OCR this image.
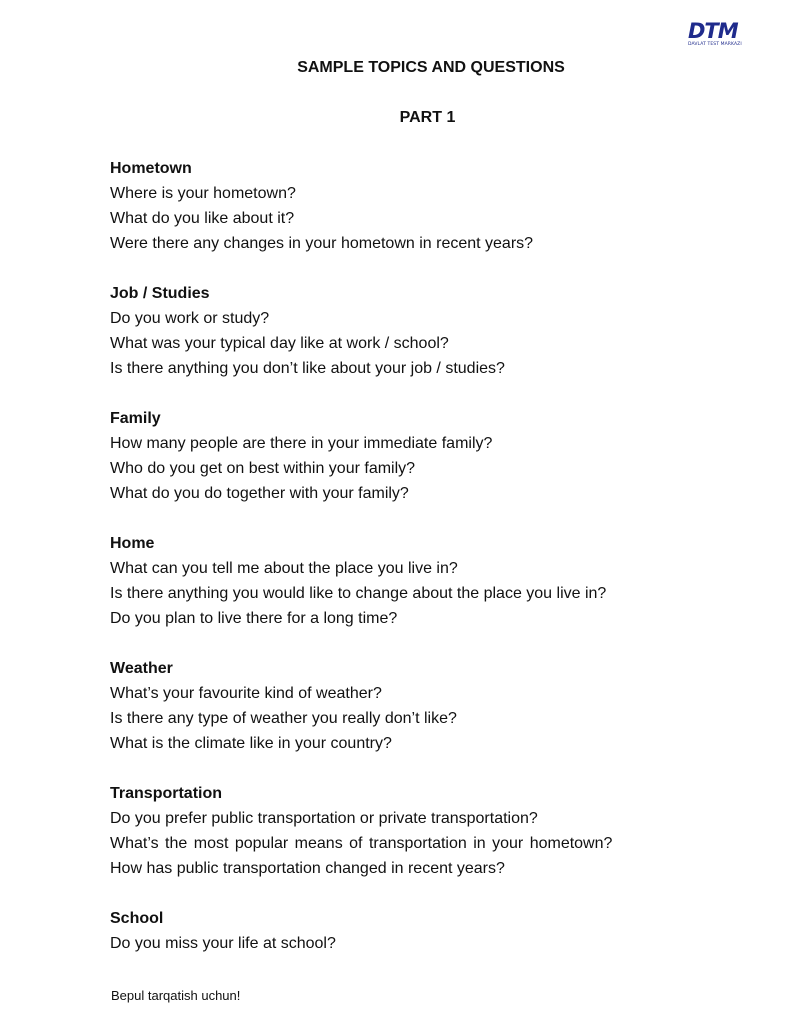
DTM
DAVLAT TEST MARKAZI
SAMPLE TOPICS AND QUESTIONS
PART 1
Hometown
Where is your hometown?
What do you like about it?
Were there any changes in your hometown in recent years?
Job / Studies
Do you work or study?
What was your typical day like at work / school?
Is there anything you don’t like about your job / studies?
Family
How many people are there in your immediate family?
Who do you get on best within your family?
What do you do together with your family?
Home
What can you tell me about the place you live in?
Is there anything you would like to change about the place you live in?
Do you plan to live there for a long time?
Weather
What’s your favourite kind of weather?
Is there any type of weather you really don’t like?
What is the climate like in your country?
Transportation
Do you prefer public transportation or private transportation?
What’s the most popular means of transportation in your hometown?
How has public transportation changed in recent years?
School
Do you miss your life at school?
Bepul tarqatish uchun!
